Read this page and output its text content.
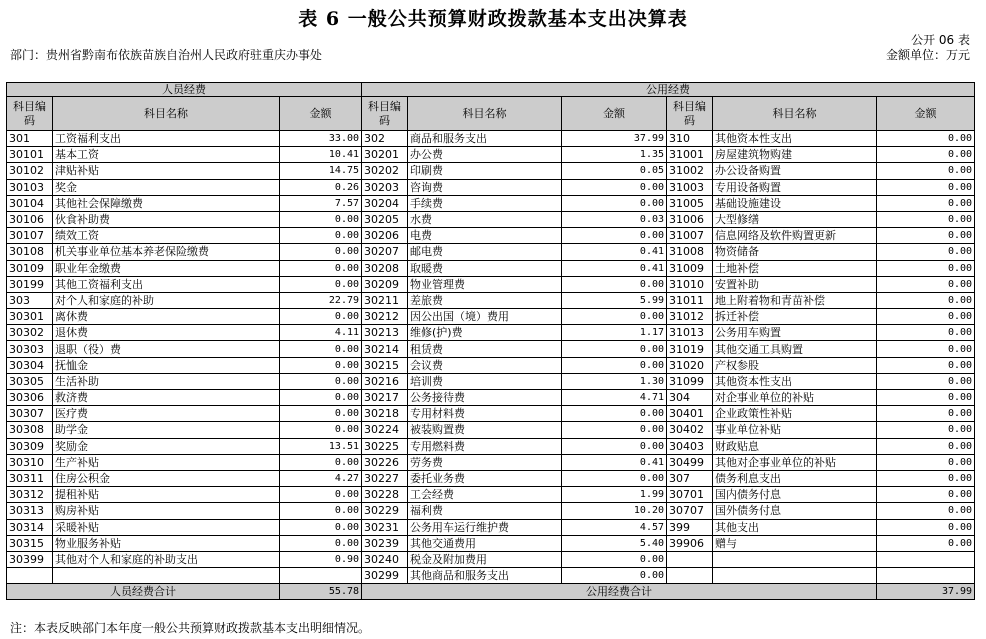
表 6 一般公共预算财政拨款基本支出决算表
公开 06 表
部门：贵州省黔南布依族苗族自治州人民政府驻重庆办事处	金额单位：万元
人员经费			公用经费					
科目编码	科目名称	金额	科目编码	科目名称	金额	科目编码	科目名称	金额
301	工资福利支出	33.00	302	商品和服务支出	37.99	310	其他资本性支出	0.00
30101	基本工资	10.41	30201	办公费	1.35	31001	房屋建筑物购建	0.00
30102	津贴补贴	14.75	30202	印刷费	0.05	31002	办公设备购置	0.00
30103	奖金	0.26	30203	咨询费	0.00	31003	专用设备购置	0.00
30104	其他社会保障缴费	7.57	30204	手续费	0.00	31005	基础设施建设	0.00
30106	伙食补助费	0.00	30205	水费	0.03	31006	大型修缮	0.00
30107	绩效工资	0.00	30206	电费	0.00	31007	信息网络及软件购置更新	0.00
30108	机关事业单位基本养老保险缴费	0.00	30207	邮电费	0.41	31008	物资储备	0.00
30109	职业年金缴费	0.00	30208	取暖费	0.41	31009	土地补偿	0.00
30199	其他工资福利支出	0.00	30209	物业管理费	0.00	31010	安置补助	0.00
303	对个人和家庭的补助	22.79	30211	差旅费	5.99	31011	地上附着物和青苗补偿	0.00
30301	离休费	0.00	30212	因公出国（境）费用	0.00	31012	拆迁补偿	0.00
30302	退休费	4.11	30213	维修(护)费	1.17	31013	公务用车购置	0.00
30303	退职（役）费	0.00	30214	租赁费	0.00	31019	其他交通工具购置	0.00
30304	抚恤金	0.00	30215	会议费	0.00	31020	产权参股	0.00
30305	生活补助	0.00	30216	培训费	1.30	31099	其他资本性支出	0.00
30306	救济费	0.00	30217	公务接待费	4.71	304	对企事业单位的补贴	0.00
30307	医疗费	0.00	30218	专用材料费	0.00	30401	企业政策性补贴	0.00
30308	助学金	0.00	30224	被装购置费	0.00	30402	事业单位补贴	0.00
30309	奖励金	13.51	30225	专用燃料费	0.00	30403	财政贴息	0.00
30310	生产补贴	0.00	30226	劳务费	0.41	30499	其他对企事业单位的补贴	0.00
30311	住房公积金	4.27	30227	委托业务费	0.00	307	债务利息支出	0.00
30312	提租补贴	0.00	30228	工会经费	1.99	30701	国内债务付息	0.00
30313	购房补贴	0.00	30229	福利费	10.20	30707	国外债务付息	0.00
30314	采暖补贴	0.00	30231	公务用车运行维护费	4.57	399	其他支出	0.00
30315	物业服务补贴	0.00	30239	其他交通费用	5.40	39906	赠与	0.00
30399	其他对个人和家庭的补助支出	0.90	30240	税金及附加费用	0.00			
			30299	其他商品和服务支出	0.00			
人员经费合计		55.78	公用经费合计					37.99
注：本表反映部门本年度一般公共预算财政拨款基本支出明细情况。
